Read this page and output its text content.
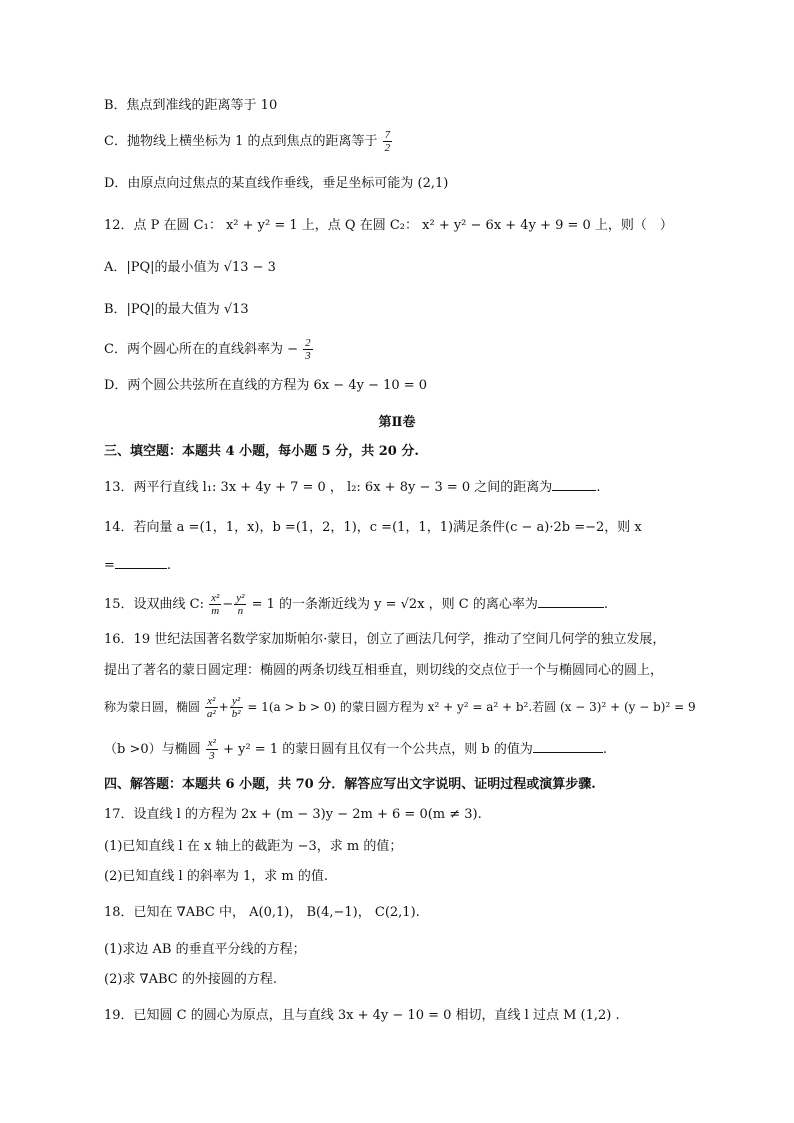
B．焦点到准线的距离等于 10
C．抛物线上横坐标为 1 的点到焦点的距离等于 $\frac{7}{2}$
D．由原点向过焦点的某直线作垂线，垂足坐标可能为 (2,1)
12．点 P 在圆 C₁： x² + y² = 1 上，点 Q 在圆 C₂： x² + y² − 6x + 4y + 9 = 0 上，则（　）
A．|PQ|的最小值为 √13 − 3
B．|PQ|的最大值为 √13
C．两个圆心所在的直线斜率为 − $\frac{2}{3}$
D．两个圆公共弦所在直线的方程为 6x − 4y − 10 = 0
第Ⅱ卷
三、填空题：本题共 4 小题，每小题 5 分，共 20 分.
13．两平行直线 l₁: 3x + 4y + 7 = 0 ， l₂: 6x + 8y − 3 = 0 之间的距离为	.
14．若向量 a =(1，1，x)，b =(1，2，1)，c =(1，1，1)满足条件(c − a)·2b =−2，则 x
=	.
15．设双曲线 C: $\frac{\text{x²}}{m} - \frac{\text{y²}}{n} = 1$ 的一条渐近线为 y = √2x ，则 C 的离心率为	.
16．19 世纪法国著名数学家加斯帕尔·蒙日，创立了画法几何学，推动了空间几何学的独立发展，
提出了著名的蒙日圆定理：椭圆的两条切线互相垂直，则切线的交点位于一个与椭圆同心的圆上，
称为蒙日圆，椭圆 $\frac{\text{x²}}{\text{a²}} + \frac{\text{y²}}{\text{b²}} = 1(a > b > 0)$ 的蒙日圆方程为 x² + y² = a² + b².若圆 (x − 3)² + (y − b)² = 9
（b >0）与椭圆 $\frac{\text{x²}}{3} + y^2 = 1$ 的蒙日圆有且仅有一个公共点，则 b 的值为	.
四、解答题：本题共 6 小题，共 70 分．解答应写出文字说明、证明过程或演算步骤.
17．设直线 l 的方程为 2x + (m − 3)y − 2m + 6 = 0(m ≠ 3).
(1)已知直线 l 在 x 轴上的截距为 −3，求 m 的值；
(2)已知直线 l 的斜率为 1，求 m 的值.
18．已知在 ∇ABC 中， A(0,1)， B(4,−1)， C(2,1).
(1)求边 AB 的垂直平分线的方程；
(2)求 ∇ABC 的外接圆的方程.
19．已知圆 C 的圆心为原点，且与直线 3x + 4y − 10 = 0 相切，直线 l 过点 M (1,2) .
